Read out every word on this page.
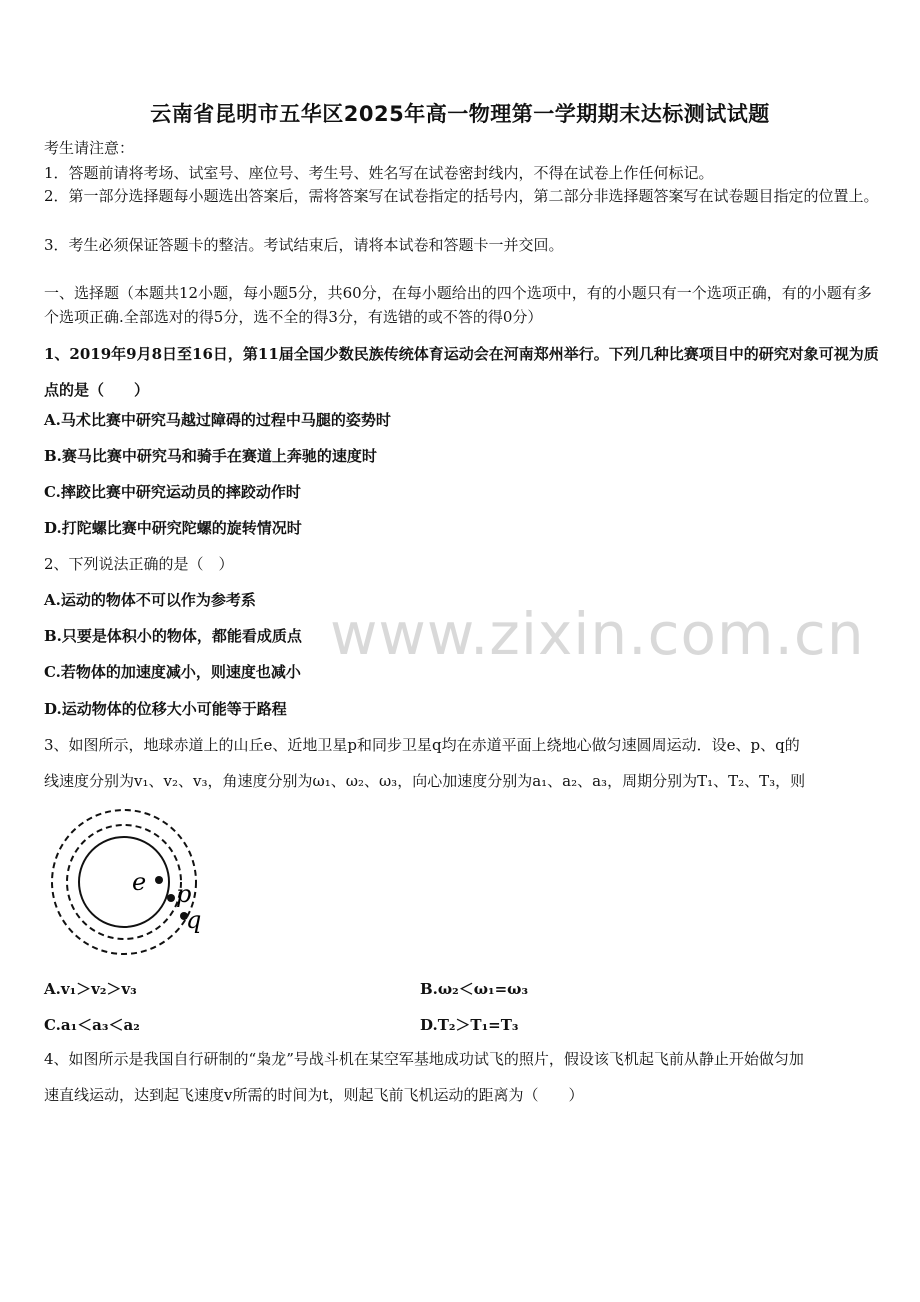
www.zixin.com.cn
云南省昆明市五华区2025年高一物理第一学期期末达标测试试题
考生请注意：
1．答题前请将考场、试室号、座位号、考生号、姓名写在试卷密封线内，不得在试卷上作任何标记。
2．第一部分选择题每小题选出答案后，需将答案写在试卷指定的括号内，第二部分非选择题答案写在试卷题目指定的位置上。
3．考生必须保证答题卡的整洁。考试结束后，请将本试卷和答题卡一并交回。
一、选择题（本题共12小题，每小题5分，共60分，在每小题给出的四个选项中，有的小题只有一个选项正确，有的小题有多个选项正确.全部选对的得5分，选不全的得3分，有选错的或不答的得0分）
1、2019年9月8日至16日，第11届全国少数民族传统体育运动会在河南郑州举行。下列几种比赛项目中的研究对象可视为质点的是（　　）
A.马术比赛中研究马越过障碍的过程中马腿的姿势时
B.赛马比赛中研究马和骑手在赛道上奔驰的速度时
C.摔跤比赛中研究运动员的摔跤动作时
D.打陀螺比赛中研究陀螺的旋转情况时
2、下列说法正确的是（　）
A.运动的物体不可以作为参考系
B.只要是体积小的物体，都能看成质点
C.若物体的加速度减小，则速度也减小
D.运动物体的位移大小可能等于路程
3、如图所示，地球赤道上的山丘e、近地卫星p和同步卫星q均在赤道平面上绕地心做匀速圆周运动．设e、p、q的
线速度分别为v₁、v₂、v₃，角速度分别为ω₁、ω₂、ω₃，向心加速度分别为a₁、a₂、a₃，周期分别为T₁、T₂、T₃，则
e p
q
A.v₁＞v₂＞v₃	B.ω₂＜ω₁=ω₃
C.a₁＜a₃＜a₂	D.T₂＞T₁=T₃
4、如图所示是我国自行研制的“枭龙”号战斗机在某空军基地成功试飞的照片，假设该飞机起飞前从静止开始做匀加
速直线运动，达到起飞速度v所需的时间为t，则起飞前飞机运动的距离为（　　）
